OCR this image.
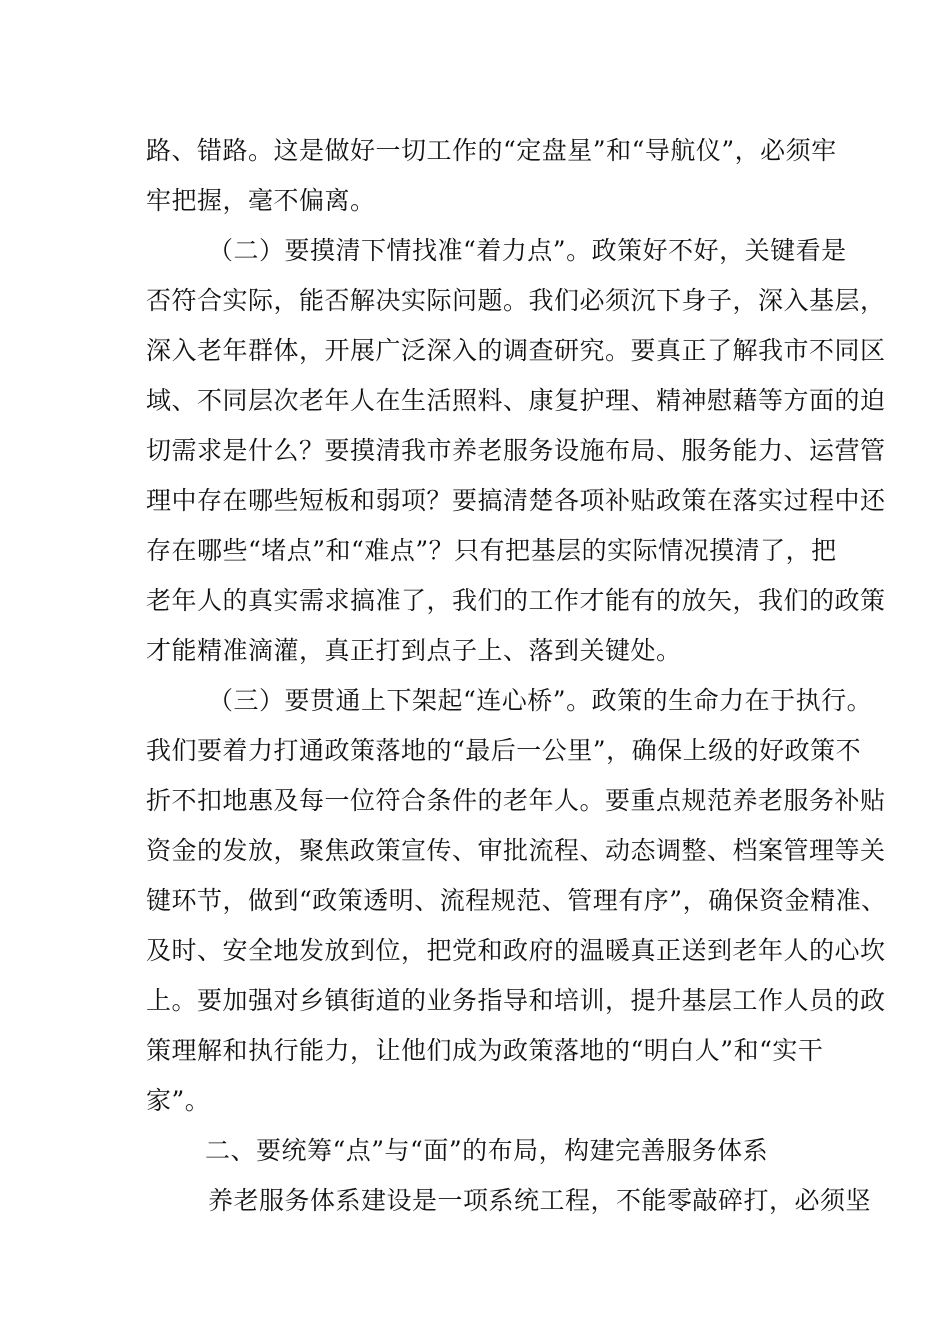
路、错路。这是做好一切工作的“定盘星”和“导航仪”，必须牢
牢把握，毫不偏离。
（二）要摸清下情找准“着力点”。政策好不好，关键看是
否符合实际，能否解决实际问题。我们必须沉下身子，深入基层，
深入老年群体，开展广泛深入的调查研究。要真正了解我市不同区
域、不同层次老年人在生活照料、康复护理、精神慰藉等方面的迫
切需求是什么？要摸清我市养老服务设施布局、服务能力、运营管
理中存在哪些短板和弱项？要搞清楚各项补贴政策在落实过程中还
存在哪些“堵点”和“难点”？只有把基层的实际情况摸清了，把
老年人的真实需求搞准了，我们的工作才能有的放矢，我们的政策
才能精准滴灌，真正打到点子上、落到关键处。
（三）要贯通上下架起“连心桥”。政策的生命力在于执行。
我们要着力打通政策落地的“最后一公里”，确保上级的好政策不
折不扣地惠及每一位符合条件的老年人。要重点规范养老服务补贴
资金的发放，聚焦政策宣传、审批流程、动态调整、档案管理等关
键环节，做到“政策透明、流程规范、管理有序”，确保资金精准、
及时、安全地发放到位，把党和政府的温暖真正送到老年人的心坎
上。要加强对乡镇街道的业务指导和培训，提升基层工作人员的政
策理解和执行能力，让他们成为政策落地的“明白人”和“实干
家”。
二、要统筹“点”与“面”的布局，构建完善服务体系
养老服务体系建设是一项系统工程，不能零敲碎打，必须坚
